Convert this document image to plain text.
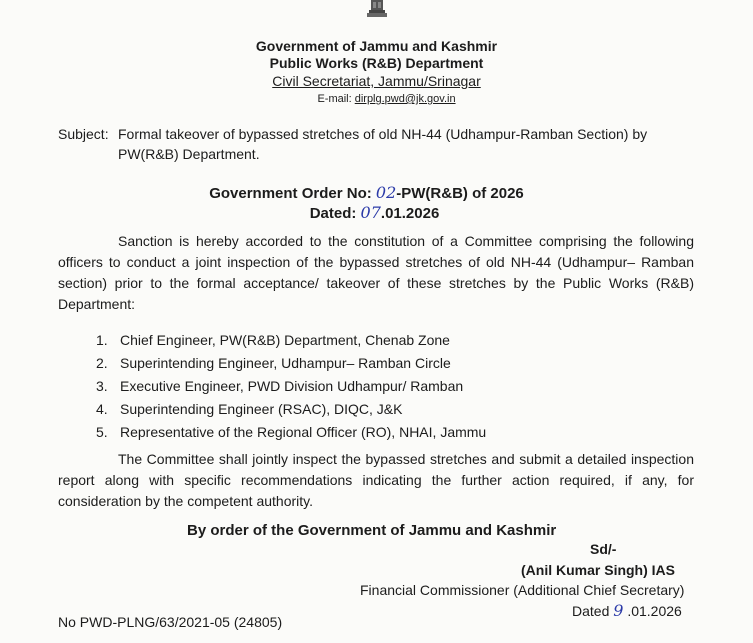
Government of Jammu and Kashmir
Public Works (R&B) Department
Civil Secretariat, Jammu/Srinagar
E-mail: dirplg.pwd@jk.gov.in
Subject: Formal takeover of bypassed stretches of old NH-44 (Udhampur-Ramban Section) by
PW(R&B) Department.
Government Order No: 02-PW(R&B) of 2026
Dated: 07.01.2026
Sanction is hereby accorded to the constitution of a Committee comprising the following officers to conduct a joint inspection of the bypassed stretches of old NH-44 (Udhampur– Ramban section) prior to the formal acceptance/ takeover of these stretches by the Public Works (R&B) Department:
1. Chief Engineer, PW(R&B) Department, Chenab Zone
2. Superintending Engineer, Udhampur– Ramban Circle
3. Executive Engineer, PWD Division Udhampur/ Ramban
4. Superintending Engineer (RSAC), DIQC, J&K
5. Representative of the Regional Officer (RO), NHAI, Jammu
The Committee shall jointly inspect the bypassed stretches and submit a detailed inspection report along with specific recommendations indicating the further action required, if any, for consideration by the competent authority.
By order of the Government of Jammu and Kashmir
Sd/-
(Anil Kumar Singh) IAS
Financial Commissioner (Additional Chief Secretary)
Dated 9 .01.2026
No PWD-PLNG/63/2021-05 (24805)
